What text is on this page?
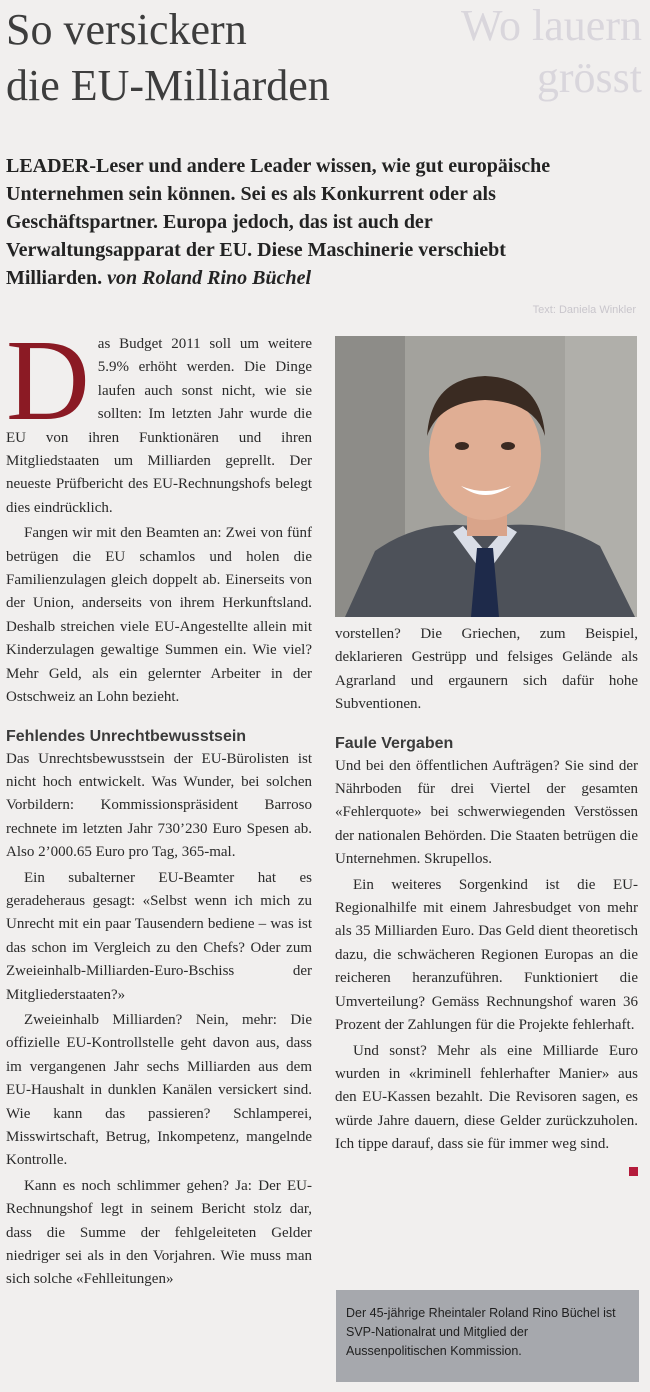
Wo lauern
grösst
So versickern
die EU-Milliarden
LEADER-Leser und andere Leader wissen, wie gut europäische Unternehmen sein können. Sei es als Konkurrent oder als Geschäftspartner. Europa jedoch, das ist auch der Verwaltungsapparat der EU. Diese Maschinerie verschiebt Milliarden. von Roland Rino Büchel
Text: Daniela Winkler
D as Budget 2011 soll um weitere 5.9% erhöht werden. Die Dinge laufen auch sonst nicht, wie sie sollten: Im letzten Jahr wurde die EU von ihren Funktionären und ihren Mitgliedstaaten um Milliarden geprellt. Der neueste Prüfbericht des EU-Rechnungshofs belegt dies eindrücklich.

Fangen wir mit den Beamten an: Zwei von fünf betrügen die EU schamlos und holen die Familienzulagen gleich doppelt ab. Einerseits von der Union, anderseits von ihrem Herkunftsland. Deshalb streichen viele EU-Angestellte allein mit Kinderzulagen gewaltige Summen ein. Wie viel? Mehr Geld, als ein gelernter Arbeiter in der Ostschweiz an Lohn bezieht.

Fehlendes Unrechtbewusstsein

Das Unrechtsbewusstsein der EU-Bürolisten ist nicht hoch entwickelt. Was Wunder, bei solchen Vorbildern: Kommissionspräsident Barroso rechnete im letzten Jahr 730’230 Euro Spesen ab. Also 2’000.65 Euro pro Tag, 365-mal.

Ein subalterner EU-Beamter hat es geradeheraus gesagt: «Selbst wenn ich mich zu Unrecht mit ein paar Tausendern bediene – was ist das schon im Vergleich zu den Chefs? Oder zum Zweieinhalb-Milliarden-Euro-Bschiss der Mitgliederstaaten?»

Zweieinhalb Milliarden? Nein, mehr: Die offizielle EU-Kontrollstelle geht davon aus, dass im vergangenen Jahr sechs Milliarden aus dem EU-Haushalt in dunklen Kanälen versickert sind. Wie kann das passieren? Schlamperei, Misswirtschaft, Betrug, Inkompetenz, mangelnde Kontrolle.

Kann es noch schlimmer gehen? Ja: Der EU-Rechnungshof legt in seinem Bericht stolz dar, dass die Summe der fehlgeleiteten Gelder niedriger sei als in den Vorjahren. Wie muss man sich solche «Fehlleitungen»

vorstellen? Die Griechen, zum Beispiel, deklarieren Gestrüpp und felsiges Gelände als Agrarland und ergaunern sich dafür hohe Subventionen.

Faule Vergaben

Und bei den öffentlichen Aufträgen? Sie sind der Nährboden für drei Viertel der gesamten «Fehlerquote» bei schwerwiegenden Verstössen der nationalen Behörden. Die Staaten betrügen die Unternehmen. Skrupellos.

Ein weiteres Sorgenkind ist die EU-Regionalhilfe mit einem Jahresbudget von mehr als 35 Milliarden Euro. Das Geld dient theoretisch dazu, die schwächeren Regionen Europas an die reicheren heranzuführen. Funktioniert die Umverteilung? Gemäss Rechnungshof waren 36 Prozent der Zahlungen für die Projekte fehlerhaft.

Und sonst? Mehr als eine Milliarde Euro wurden in «kriminell fehlerhafter Manier» aus den EU-Kassen bezahlt. Die Revisoren sagen, es würde Jahre dauern, diese Gelder zurückzuholen. Ich tippe darauf, dass sie für immer weg sind.

Der 45-jährige Rheintaler Roland Rino Büchel ist SVP-Nationalrat und Mitglied der Aussenpolitischen Kommission.
